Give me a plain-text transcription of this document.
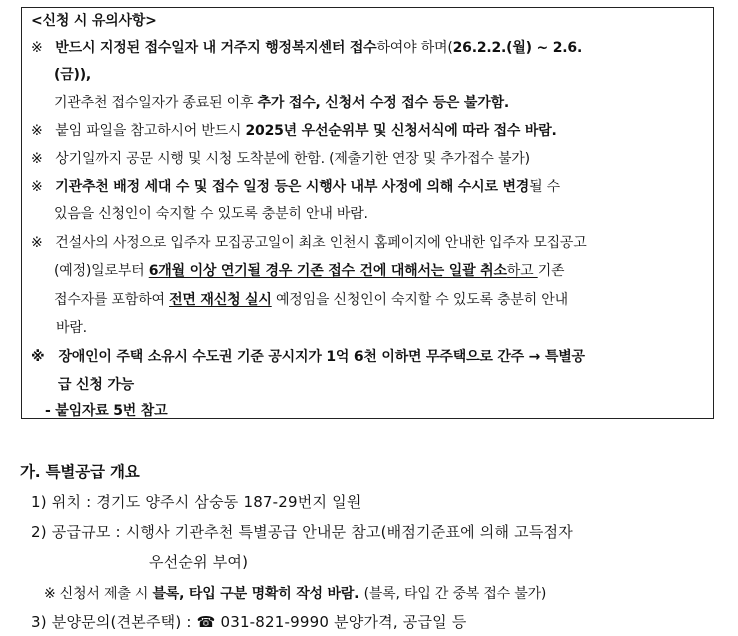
<신청 시 유의사항>
※ 반드시 지정된 접수일자 내 거주지 행정복지센터 접수하여야 하며(26.2.2.(월) ~ 2.6.
(금)),
기관추천 접수일자가 종료된 이후 추가 접수, 신청서 수정 접수 등은 불가함.
※ 붙임 파일을 참고하시어 반드시 2025년 우선순위부 및 신청서식에 따라 접수 바람.
※ 상기일까지 공문 시행 및 시청 도착분에 한함. (제출기한 연장 및 추가접수 불가)
※ 기관추천 배정 세대 수 및 접수 일정 등은 시행사 내부 사정에 의해 수시로 변경될 수
있음을 신청인이 숙지할 수 있도록 충분히 안내 바람.
※ 건설사의 사정으로 입주자 모집공고일이 최초 인천시 홈페이지에 안내한 입주자 모집공고
(예정)일로부터 6개월 이상 연기될 경우 기존 접수 건에 대해서는 일괄 취소하고 기존
접수자를 포함하여 전면 재신청 실시 예정임을 신청인이 숙지할 수 있도록 충분히 안내
바람.
※ 장애인이 주택 소유시 수도권 기준 공시지가 1억 6천 이하면 무주택으로 간주 → 특별공
급 신청 가능
- 붙임자료 5번 참고
가. 특별공급 개요
1) 위치 : 경기도 양주시 삼숭동 187-29번지 일원
2) 공급규모 : 시행사 기관추천 특별공급 안내문 참고(배점기준표에 의해 고득점자
우선순위 부여)
※ 신청서 제출 시 블록, 타입 구분 명확히 작성 바람. (블록, 타입 간 중복 접수 불가)
3) 분양문의(견본주택) : ☎ 031-821-9990 분양가격, 공급일 등
